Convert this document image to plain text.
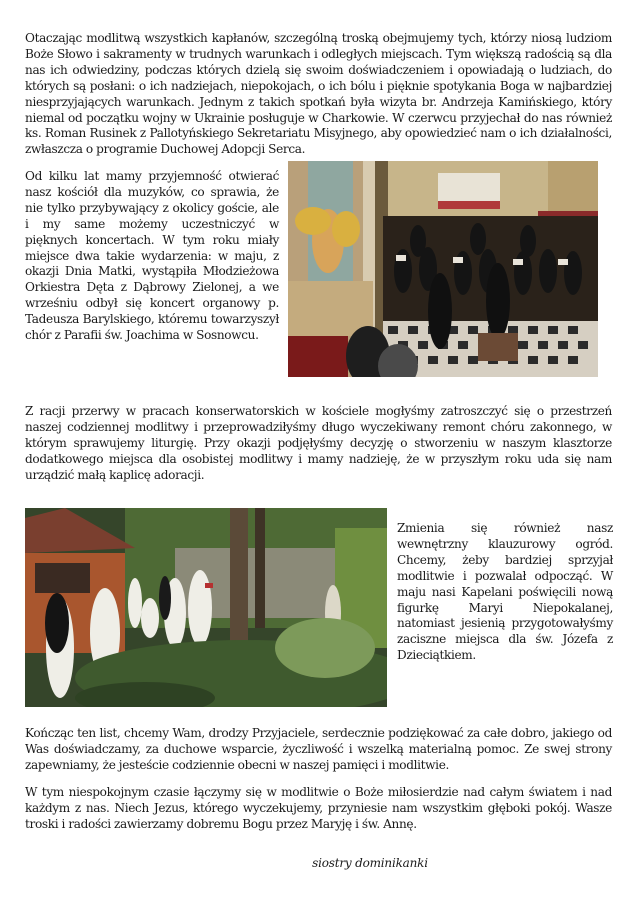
Otaczając modlitwą wszystkich kapłanów, szczególną troską obejmujemy tych, którzy niosą ludziom Boże Słowo i sakramenty w trudnych warunkach i odległych miejscach. Tym większą radością są dla nas ich odwiedziny, podczas których dzielą się swoim doświadczeniem i opowiadają o ludziach, do których są posłani: o ich nadziejach, niepokojach, o ich bólu i pięknie spotykania Boga w najbardziej niesprzyjających warunkach. Jednym z takich spotkań była wizyta br. Andrzeja Kamińskiego, który niemal od początku wojny w Ukrainie posługuje w Charkowie. W czerwcu przyjechał do nas również ks. Roman Rusinek z Pallotyńskiego Sekretariatu Misyjnego, aby opowiedzieć nam o ich działalności, zwłaszcza o programie Duchowej Adopcji Serca.

Od kilku lat mamy przyjemność otwierać nasz kościół dla muzyków, co sprawia, że nie tylko przybywający z okolicy goście, ale i my same możemy uczestniczyć w pięknych koncertach. W tym roku miały miejsce dwa takie wydarzenia: w maju, z okazji Dnia Matki, wystąpiła Młodzieżowa Orkiestra Dęta z Dąbrowy Zielonej, a we wrześniu odbył się koncert organowy p. Tadeusza Barylskiego, któremu towarzyszył chór z Parafii św. Joachima w Sosnowcu.

Z racji przerwy w pracach konserwatorskich w kościele mogłyśmy zatroszczyć się o przestrzeń naszej codziennej modlitwy i przeprowadziłyśmy długo wyczekiwany remont chóru zakonnego, w którym sprawujemy liturgię. Przy okazji podjęłyśmy decyzję o stworzeniu w naszym klasztorze dodatkowego miejsca dla osobistej modlitwy i mamy nadzieję, że w przyszłym roku uda się nam urządzić małą kaplicę adoracji.

Zmienia się również nasz wewnętrzny klauzurowy ogród. Chcemy, żeby bardziej sprzyjał modlitwie i pozwalał odpocząć. W maju nasi Kapelani poświęcili nową figurkę Maryi Niepokalanej, natomiast jesienią przygotowałyśmy zaciszne miejsca dla św. Józefa z Dzieciątkiem.

Kończąc ten list, chcemy Wam, drodzy Przyjaciele, serdecznie podziękować za całe dobro, jakiego od Was doświadczamy, za duchowe wsparcie, życzliwość i wszelką materialną pomoc. Ze swej strony zapewniamy, że jesteście codziennie obecni w naszej pamięci i modlitwie.

W tym niespokojnym czasie łączymy się w modlitwie o Boże miłosierdzie nad całym światem i nad każdym z nas. Niech Jezus, którego wyczekujemy, przyniesie nam wszystkim głęboki pokój. Wasze troski i radości zawierzamy dobremu Bogu przez Maryję i św. Annę.

siostry dominikanki
